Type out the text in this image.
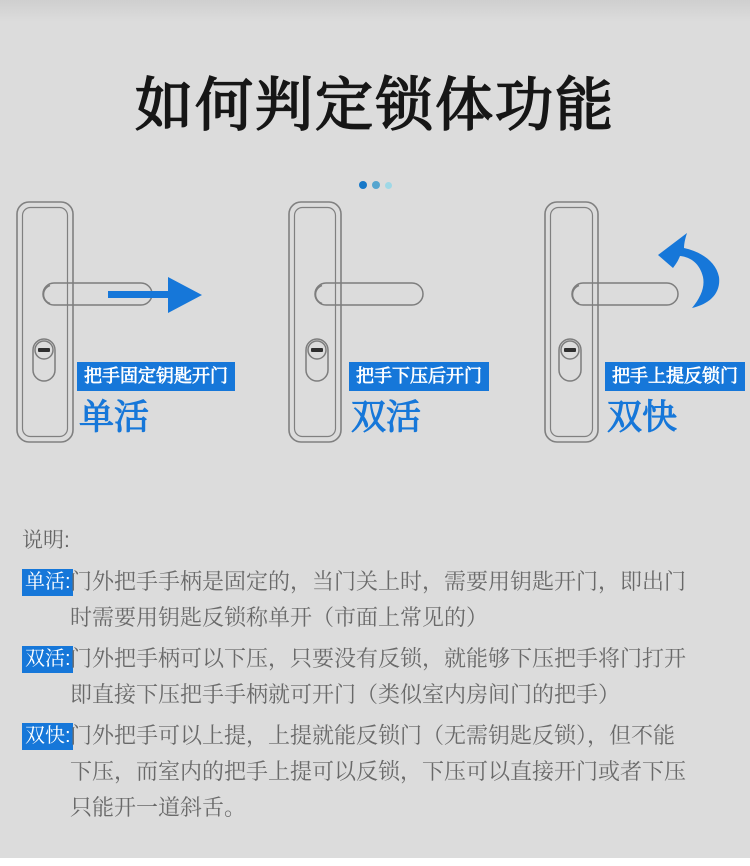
如何判定锁体功能
把手固定钥匙开门
单活
把手下压后开门
双活
把手上提反锁门
双快
说明:
单活: 门外把手手柄是固定的，当门关上时，需要用钥匙开门，即出门
时需要用钥匙反锁称单开（市面上常见的）
双活: 门外把手柄可以下压，只要没有反锁，就能够下压把手将门打开
即直接下压把手手柄就可开门（类似室内房间门的把手）
双快: 门外把手可以上提，上提就能反锁门（无需钥匙反锁），但不能
下压，而室内的把手上提可以反锁，下压可以直接开门或者下压
只能开一道斜舌。
